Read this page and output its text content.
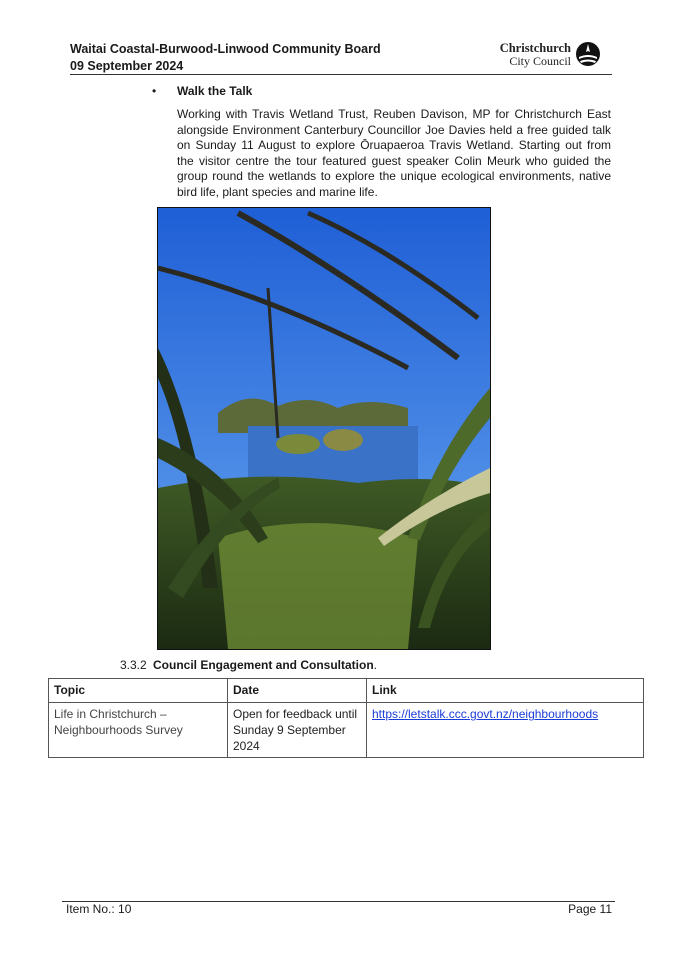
Waitai Coastal-Burwood-Linwood Community Board
09 September 2024
Christchurch
City Council
• Walk the Talk
Working with Travis Wetland Trust, Reuben Davison, MP for Christchurch East alongside Environment Canterbury Councillor Joe Davies held a free guided talk on Sunday 11 August to explore Ōruapaeroa Travis Wetland. Starting out from the visitor centre the tour featured guest speaker Colin Meurk who guided the group round the wetlands to explore the unique ecological environments, native bird life, plant species and marine life.
3.3.2 Council Engagement and Consultation.
Topic	Date	Link
Life in Christchurch – Neighbourhoods Survey	Open for feedback until Sunday 9 September 2024	https://letstalk.ccc.govt.nz/neighbourhoods
Item No.: 10	Page 11
